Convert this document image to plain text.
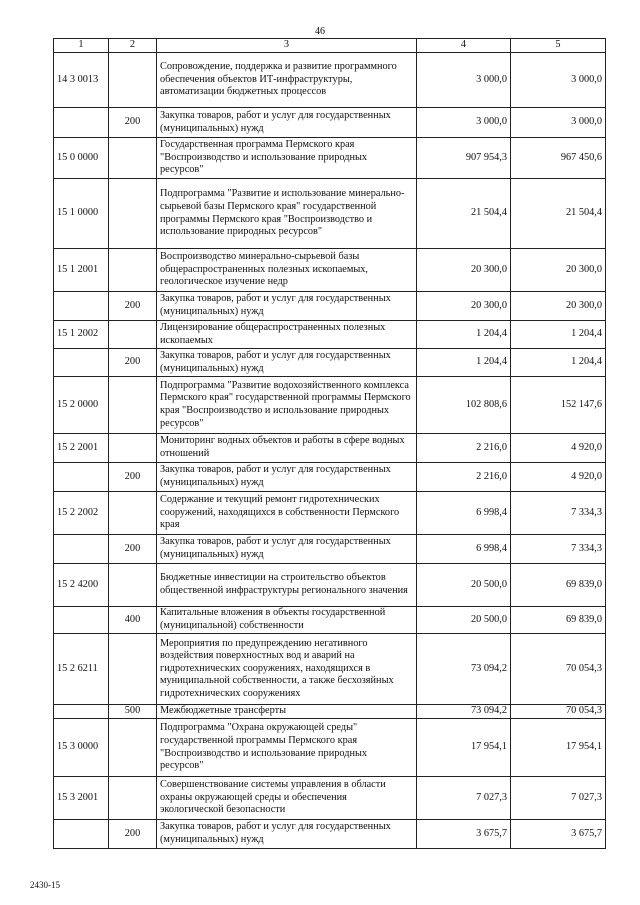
46
1	2	3	4	5
14 3 0013		Сопровождение, поддержка и развитие программного обеспечения объектов ИТ-инфраструктуры, автоматизации бюджетных процессов	3 000,0	3 000,0
	200	Закупка товаров, работ и услуг для государственных (муниципальных) нужд	3 000,0	3 000,0
15 0 0000		Государственная программа Пермского края "Воспроизводство и использование природных ресурсов"	907 954,3	967 450,6
15 1 0000		Подпрограмма "Развитие и использование минерально-сырьевой базы Пермского края" государственной программы Пермского края "Воспроизводство и использование природных ресурсов"	21 504,4	21 504,4
15 1 2001		Воспроизводство минерально-сырьевой базы общераспространенных полезных ископаемых, геологическое изучение недр	20 300,0	20 300,0
	200	Закупка товаров, работ и услуг для государственных (муниципальных) нужд	20 300,0	20 300,0
15 1 2002		Лицензирование общераспространенных полезных ископаемых	1 204,4	1 204,4
	200	Закупка товаров, работ и услуг для государственных (муниципальных) нужд	1 204,4	1 204,4
15 2 0000		Подпрограмма "Развитие водохозяйственного комплекса Пермского края" государственной программы Пермского края "Воспроизводство и использование природных ресурсов"	102 808,6	152 147,6
15 2 2001		Мониторинг водных объектов и работы в сфере водных отношений	2 216,0	4 920,0
	200	Закупка товаров, работ и услуг для государственных (муниципальных) нужд	2 216,0	4 920,0
15 2 2002		Содержание и текущий ремонт гидротехнических сооружений, находящихся в собственности Пермского края	6 998,4	7 334,3
	200	Закупка товаров, работ и услуг для государственных (муниципальных) нужд	6 998,4	7 334,3
15 2 4200		Бюджетные инвестиции на строительство объектов общественной инфраструктуры регионального значения	20 500,0	69 839,0
	400	Капитальные вложения в объекты государственной (муниципальной) собственности	20 500,0	69 839,0
15 2 6211		Мероприятия по предупреждению негативного воздействия поверхностных вод и аварий на гидротехнических сооружениях, находящихся в муниципальной собственности, а также бесхозяйных гидротехнических сооружениях	73 094,2	70 054,3
	500	Межбюджетные трансферты	73 094,2	70 054,3
15 3 0000		Подпрограмма "Охрана окружающей среды" государственной программы Пермского края "Воспроизводство и использование природных ресурсов"	17 954,1	17 954,1
15 3 2001		Совершенствование системы управления в области охраны окружающей среды и обеспечения экологической безопасности	7 027,3	7 027,3
	200	Закупка товаров, работ и услуг для государственных (муниципальных) нужд	3 675,7	3 675,7
2430-15
